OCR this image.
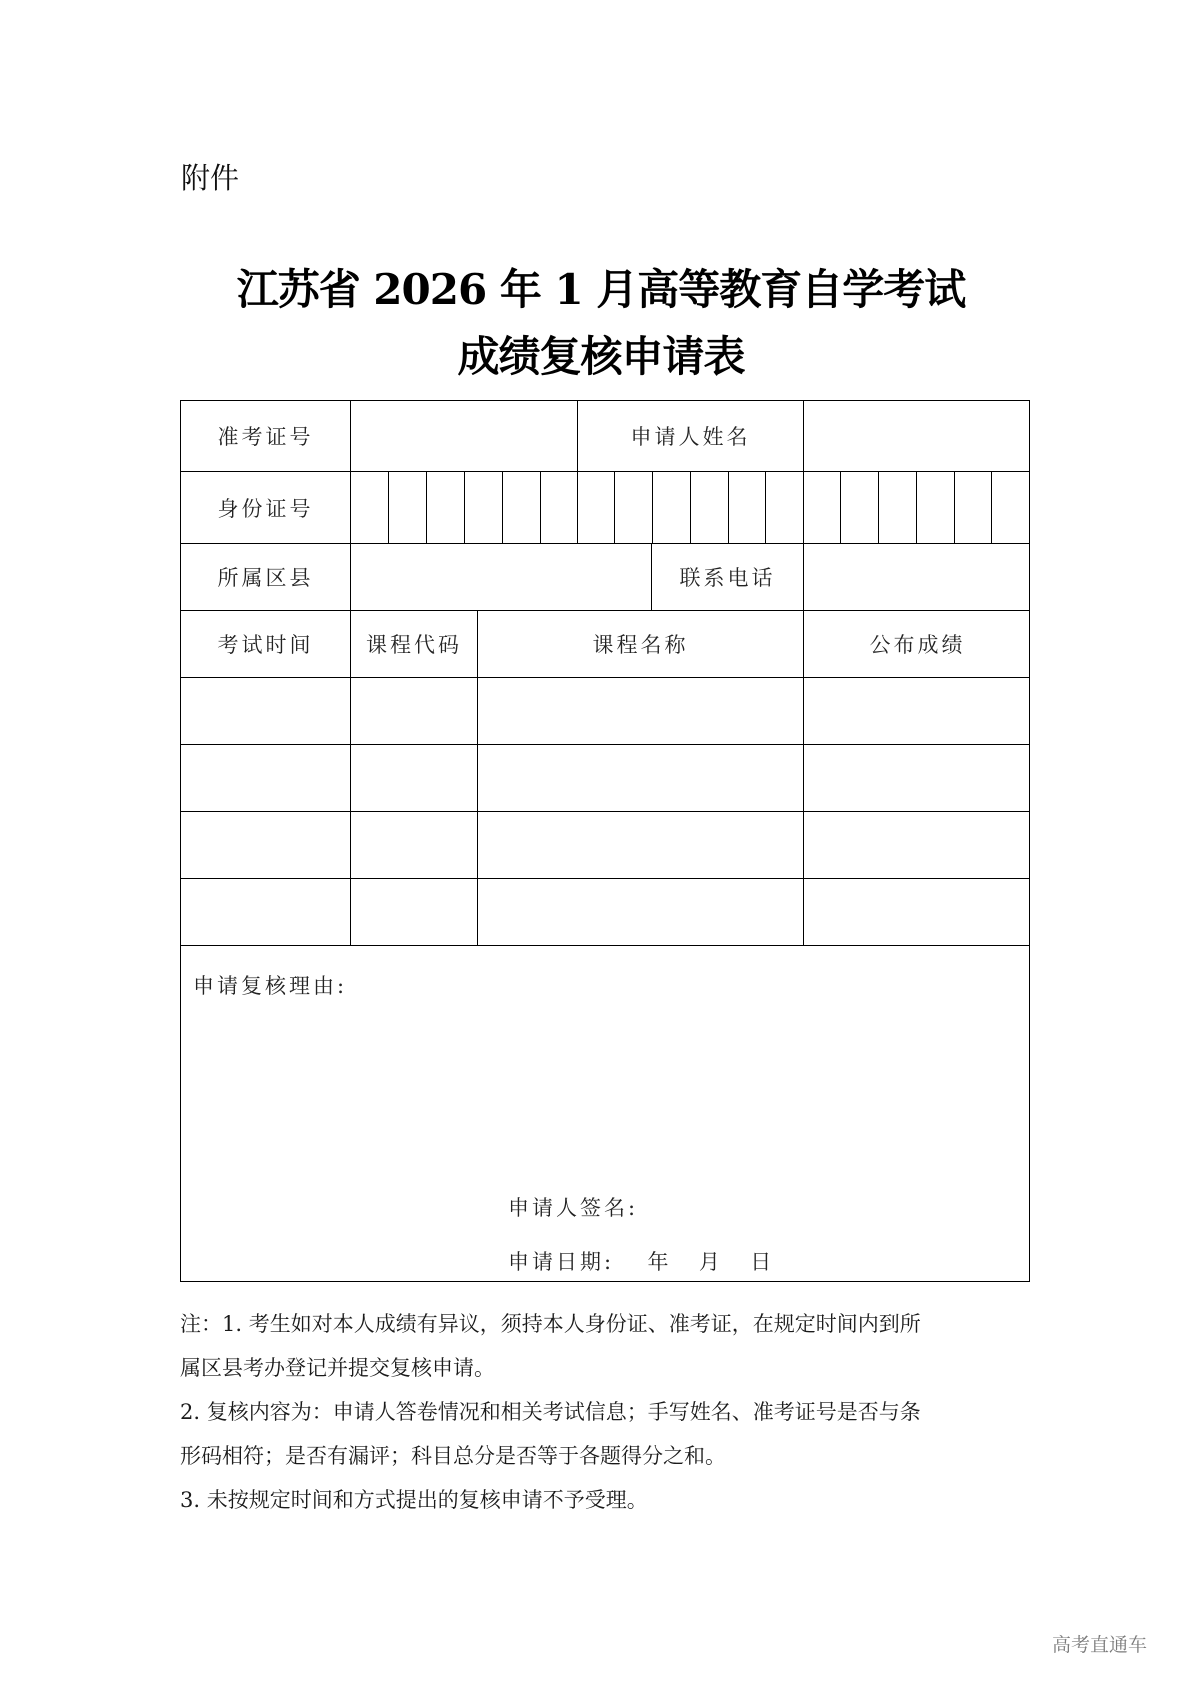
附件
江苏省 2026 年 1 月高等教育自学考试
成绩复核申请表
准考证号	申请人姓名
身份证号
所属区县	联系电话
考试时间	课程代码	课程名称	公布成绩
申请复核理由:
申请人签名:
申请日期: 年 月 日

注：1. 考生如对本人成绩有异议，须持本人身份证、准考证，在规定时间内到所

属区县考办登记并提交复核申请。

2. 复核内容为：申请人答卷情况和相关考试信息；手写姓名、准考证号是否与条

形码相符；是否有漏评；科目总分是否等于各题得分之和。

3. 未按规定时间和方式提出的复核申请不予受理。

高考直通车
